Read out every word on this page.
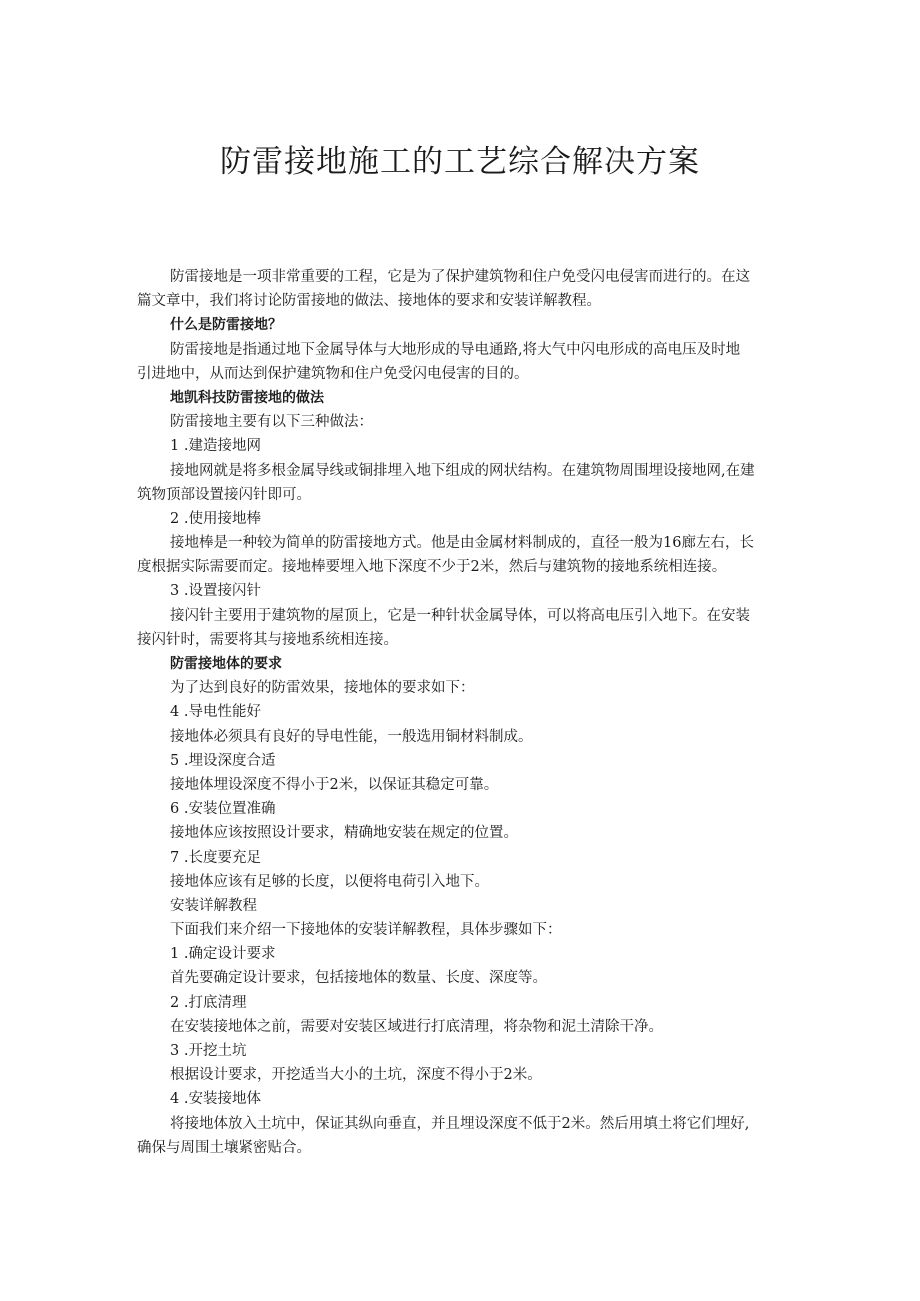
防雷接地施工的工艺综合解决方案

防雷接地是一项非常重要的工程，它是为了保护建筑物和住户免受闪电侵害而进行的。在这

篇文章中，我们将讨论防雷接地的做法、接地体的要求和安装详解教程。

什么是防雷接地？

防雷接地是指通过地下金属导体与大地形成的导电通路,将大气中闪电形成的高电压及时地

引进地中，从而达到保护建筑物和住户免受闪电侵害的目的。

地凯科技防雷接地的做法

防雷接地主要有以下三种做法：

1 .建造接地网

接地网就是将多根金属导线或铜排埋入地下组成的网状结构。在建筑物周围埋设接地网,在建

筑物顶部设置接闪针即可。

2 .使用接地棒

接地棒是一种较为简单的防雷接地方式。他是由金属材料制成的，直径一般为16廊左右，长

度根据实际需要而定。接地棒要埋入地下深度不少于2米，然后与建筑物的接地系统相连接。

3 .设置接闪针

接闪针主要用于建筑物的屋顶上，它是一种针状金属导体，可以将高电压引入地下。在安装

接闪针时，需要将其与接地系统相连接。

防雷接地体的要求

为了达到良好的防雷效果，接地体的要求如下：

4 .导电性能好

接地体必须具有良好的导电性能，一般选用铜材料制成。

5 .埋设深度合适

接地体埋设深度不得小于2米，以保证其稳定可靠。

6 .安装位置准确

接地体应该按照设计要求，精确地安装在规定的位置。

7 .长度要充足

接地体应该有足够的长度，以便将电荷引入地下。

安装详解教程

下面我们来介绍一下接地体的安装详解教程，具体步骤如下：

1 .确定设计要求

首先要确定设计要求，包括接地体的数量、长度、深度等。

2 .打底清理

在安装接地体之前，需要对安装区域进行打底清理，将杂物和泥土清除干净。

3 .开挖土坑

根据设计要求，开挖适当大小的土坑，深度不得小于2米。

4 .安装接地体

将接地体放入土坑中，保证其纵向垂直，并且埋设深度不低于2米。然后用填土将它们埋好,

确保与周围土壤紧密贴合。
